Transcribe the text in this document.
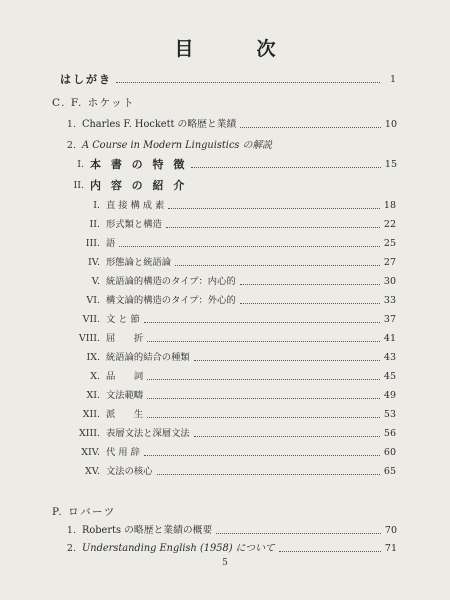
目　次
はしがき	1
C. F. ホケット
1. Charles F. Hockett の略歴と業績	10
2. A Course in Modern Linguistics の解説
I. 本 書 の 特 徴	15
II. 内 容 の 紹 介
I. 直 接 構 成 素	18
II. 形式類と構造	22
III. 語	25
IV. 形態論と統語論	27
V. 統語論的構造のタイプ：内心的	30
VI. 構文論的構造のタイプ：外心的	33
VII. 文 と 節	37
VIII. 屈　　折	41
IX. 統語論的結合の種類	43
X. 品　　詞	45
XI. 文法範疇	49
XII. 派　　生	53
XIII. 表層文法と深層文法	56
XIV. 代 用 辞	60
XV. 文法の核心	65
P. ロバーツ
1. Roberts の略歴と業績の概要	70
2. Understanding English (1958) について	71
5
